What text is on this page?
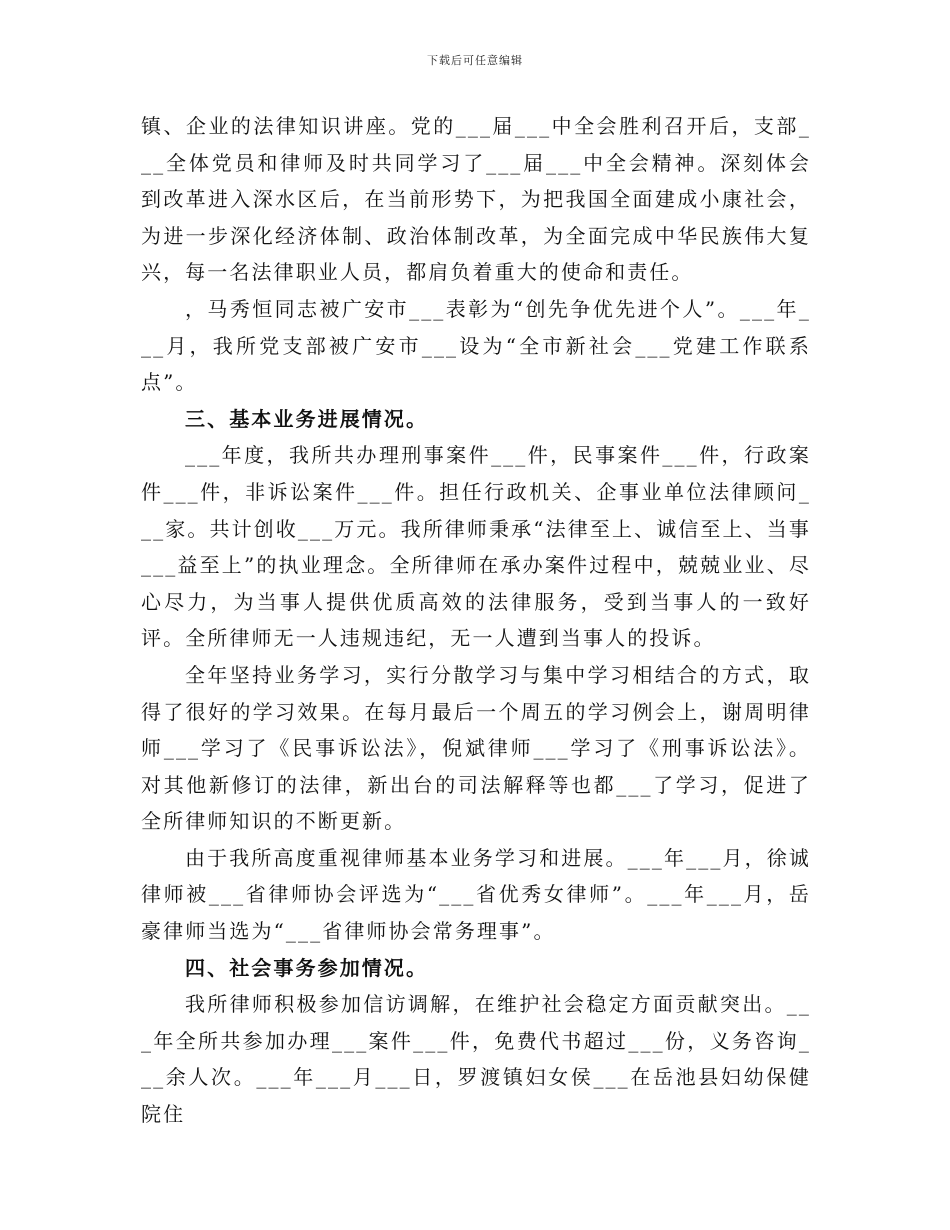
下载后可任意编辑

镇、企业的法律知识讲座。党的___届___中全会胜利召开后，支部___全体党员和律师及时共同学习了___届___中全会精神。深刻体会到改革进入深水区后，在当前形势下，为把我国全面建成小康社会，为进一步深化经济体制、政治体制改革，为全面完成中华民族伟大复兴，每一名法律职业人员，都肩负着重大的使命和责任。

，马秀恒同志被广安市___表彰为“创先争优先进个人”。___年___月，我所党支部被广安市___设为“全市新社会___党建工作联系点”。

三、基本业务进展情况。

___年度，我所共办理刑事案件___件，民事案件___件，行政案件___件，非诉讼案件___件。担任行政机关、企事业单位法律顾问___家。共计创收___万元。我所律师秉承“法律至上、诚信至上、当事___益至上”的执业理念。全所律师在承办案件过程中，兢兢业业、尽心尽力，为当事人提供优质高效的法律服务，受到当事人的一致好评。全所律师无一人违规违纪，无一人遭到当事人的投诉。

全年坚持业务学习，实行分散学习与集中学习相结合的方式，取得了很好的学习效果。在每月最后一个周五的学习例会上，谢周明律师___学习了《民事诉讼法》，倪斌律师___学习了《刑事诉讼法》。对其他新修订的法律，新出台的司法解释等也都___了学习，促进了全所律师知识的不断更新。

由于我所高度重视律师基本业务学习和进展。___年___月，徐诚律师被___省律师协会评选为“___省优秀女律师”。___年___月，岳豪律师当选为“___省律师协会常务理事”。

四、社会事务参加情况。

我所律师积极参加信访调解，在维护社会稳定方面贡献突出。___年全所共参加办理___案件___件，免费代书超过___份，义务咨询___余人次。___年___月___日，罗渡镇妇女侯___在岳池县妇幼保健院住
